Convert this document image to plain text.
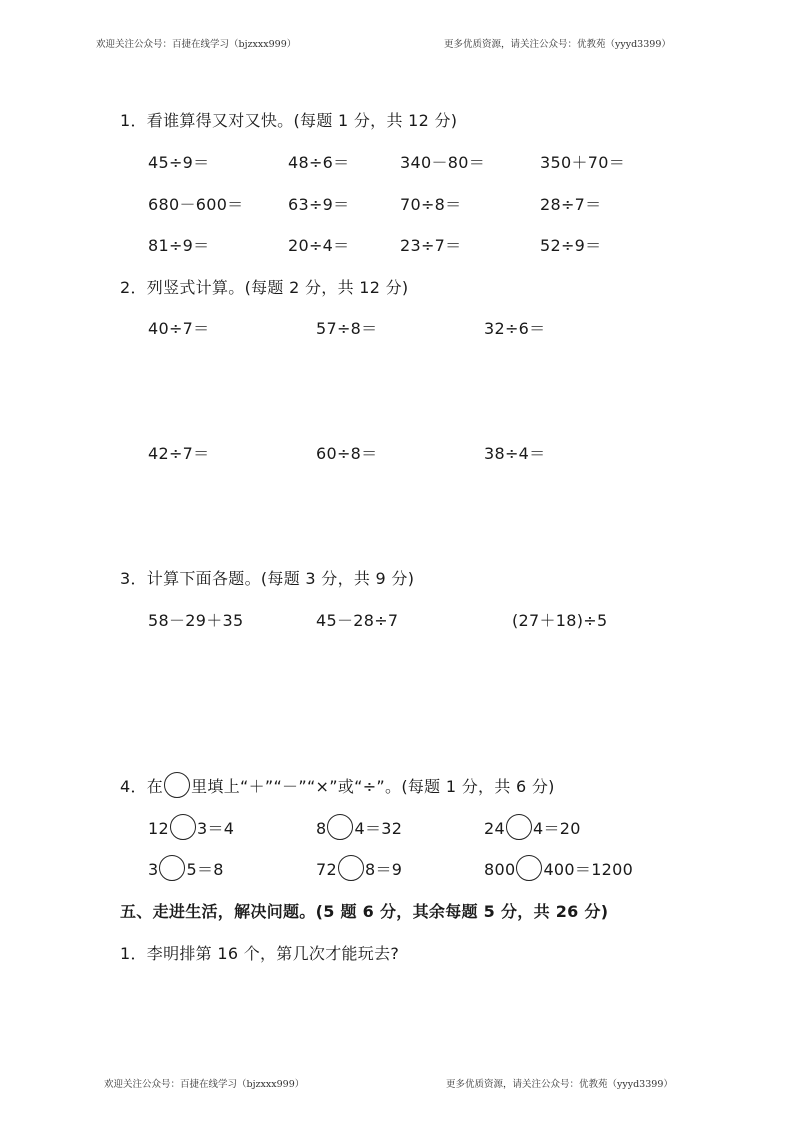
欢迎关注公众号：百捷在线学习（bjzxxx999）	更多优质资源，请关注公众号：优教苑（yyyd3399）
1．看谁算得又对又快。(每题 1 分，共 12 分)
45÷9＝	48÷6＝	340－80＝	350＋70＝
680－600＝	63÷9＝	70÷8＝	28÷7＝
81÷9＝	20÷4＝	23÷7＝	52÷9＝
2．列竖式计算。(每题 2 分，共 12 分)
40÷7＝	57÷8＝	32÷6＝
42÷7＝	60÷8＝	38÷4＝
3．计算下面各题。(每题 3 分，共 9 分)
58－29＋35	45－28÷7	(27＋18)÷5
4．在 里填上“＋”“－”“×”或“÷”。(每题 1 分，共 6 分)
12 3＝4	8 4＝32	24 4＝20
3 5＝8	72 8＝9	800 400＝1200
五、走进生活，解决问题。(5 题 6 分，其余每题 5 分，共 26 分)
1．李明排第 16 个，第几次才能玩去?
欢迎关注公众号：百捷在线学习（bjzxxx999）	更多优质资源，请关注公众号：优教苑（yyyd3399）
